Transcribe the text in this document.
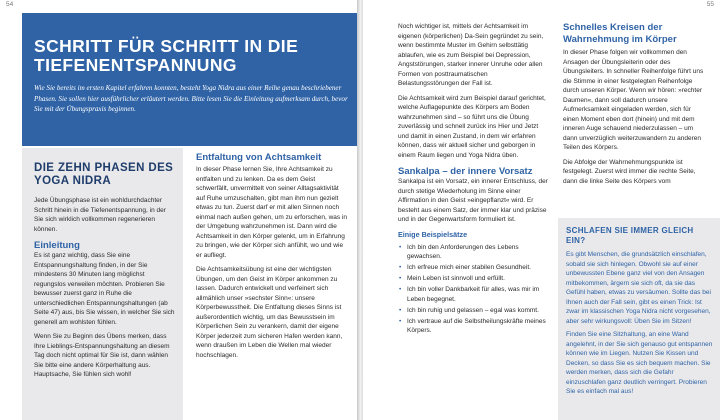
54
SCHRITT FÜR SCHRITT IN DIE TIEFENENTSPANNUNG

Wie Sie bereits im ersten Kapitel erfahren konnten, besteht Yoga Nidra aus einer Reihe genau beschriebener Phasen. Sie sollen hier ausführlicher erläutert werden. Bitte lesen Sie die Einleitung aufmerksam durch, bevor Sie mit der Übungspraxis beginnen.

DIE ZEHN PHASEN DES YOGA NIDRA

Jede Übungsphase ist ein wohldurchdachter Schritt hinein in die Tiefenentspannung, in der Sie sich wirklich vollkommen regenerieren können.

Einleitung

Es ist ganz wichtig, dass Sie eine Entspannungshaltung finden, in der Sie mindestens 30 Minuten lang möglichst regungslos verweilen möchten. Probieren Sie bewusser zuerst ganz in Ruhe die unterschiedlichen Entspannungshaltungen (ab Seite 47) aus, bis Sie wissen, in welcher Sie sich generell am wohlsten fühlen.

Wenn Sie zu Beginn des Übens merken, dass Ihre Lieblings-Entspannungshaltung an diesem Tag doch nicht optimal für Sie ist, dann wählen Sie bitte eine andere Körperhaltung aus. Hauptsache, Sie fühlen sich wohl!

Entfaltung von Achtsamkeit

In dieser Phase lernen Sie, Ihre Achtsamkeit zu entfalten und zu lenken. Da es dem Geist schwerfällt, unvermittelt von seiner Alltagsaktivität auf Ruhe umzuschalten, gibt man ihm nun gezielt etwas zu tun. Zuerst darf er mit allen Sinnen noch einmal nach außen gehen, um zu erforschen, was in der Umgebung wahrzunehmen ist. Dann wird die Achtsamkeit in den Körper gelenkt, um in Erfahrung zu bringen, wie der Körper sich anfühlt, wo und wie er aufliegt.

Die Achtsamkeitsübung ist eine der wichtigsten Übungen, um den Geist im Körper ankommen zu lassen. Dadurch entwickelt und verfeinert sich allmählich unser »sechster Sinn«: unsere Körperbewusstheit. Die Entfaltung dieses Sinns ist außerordentlich wichtig, um das Bewusstsein im Körperlichen Sein zu verankern, damit der eigene Körper jederzeit zum sicheren Hafen werden kann, wenn draußen im Leben die Wellen mal wieder hochschlagen.

55

Noch wichtiger ist, mittels der Achtsamkeit im eigenen (körperlichen) Da-Sein gegründet zu sein, wenn bestimmte Muster im Gehirn selbsttätig ablaufen, wie es zum Beispiel bei Depression, Angststörungen, starker innerer Unruhe oder allen Formen von posttraumatischen Belastungsstörungen der Fall ist.

Die Achtsamkeit wird zum Beispiel darauf gerichtet, welche Auflagepunkte des Körpers am Boden wahrzunehmen sind – so führt uns die Übung zuverlässig und schnell zurück ins Hier und Jetzt und damit in einen Zustand, in dem wir erfahren können, dass wir aktuell sicher und geborgen in einem Raum liegen und Yoga Nidra üben.

Sankalpa – der innere Vorsatz

Sankalpa ist ein Vorsatz, ein innerer Entschluss, der durch stetige Wiederholung im Sinne einer Affirmation in den Geist »eingepflanzt« wird. Er besteht aus einem Satz, der immer klar und präzise und in der Gegenwartsform formuliert ist.

Einige Beispielsätze
• Ich bin den Anforderungen des Lebens gewachsen.
• Ich erfreue mich einer stabilen Gesundheit.
• Mein Leben ist sinnvoll und erfüllt.
• Ich bin voller Dankbarkeit für alles, was mir im Leben begegnet.
• Ich bin ruhig und gelassen – egal was kommt.
• Ich vertraue auf die Selbstheilungskräfte meines Körpers.
Schnelles Kreisen der Wahrnehmung im Körper

In dieser Phase folgen wir vollkommen den Ansagen der Übungsleiterin oder des Übungsleiters. In schneller Reihenfolge führt uns die Stimme in einer festgelegten Reihenfolge durch unseren Körper. Wenn wir hören: »rechter Daumen«, dann soll dadurch unsere Aufmerksamkeit eingeladen werden, sich für einen Moment eben dort (hinein) und mit dem inneren Auge schauend niederzulassen – um dann unverzüglich weiterzuwandern zu anderen Teilen des Körpers.

Die Abfolge der Wahrnehmungspunkte ist festgelegt. Zuerst wird immer die rechte Seite, dann die linke Seite des Körpers vom

SCHLAFEN SIE IMMER GLEICH EIN?

Es gibt Menschen, die grundsätzlich einschlafen, sobald sie sich hinlegen. Obwohl sie auf einer unbewussten Ebene ganz viel von den Ansagen mitbekommen, ärgern sie sich oft, da sie das Gefühl haben, etwas zu versäumen. Sollte das bei Ihnen auch der Fall sein, gibt es einen Trick: Ist zwar im klassischen Yoga Nidra nicht vorgesehen, aber sehr wirkungsvoll: Üben Sie im Sitzen!

Finden Sie eine Sitzhaltung, an eine Wand angelehnt, in der Sie sich genauso gut entspannen können wie im Liegen. Nutzen Sie Kissen und Decken, so dass Sie es sich bequem machen. Sie werden merken, dass sich die Gefahr einzuschlafen ganz deutlich verringert. Probieren Sie es einfach mal aus!
